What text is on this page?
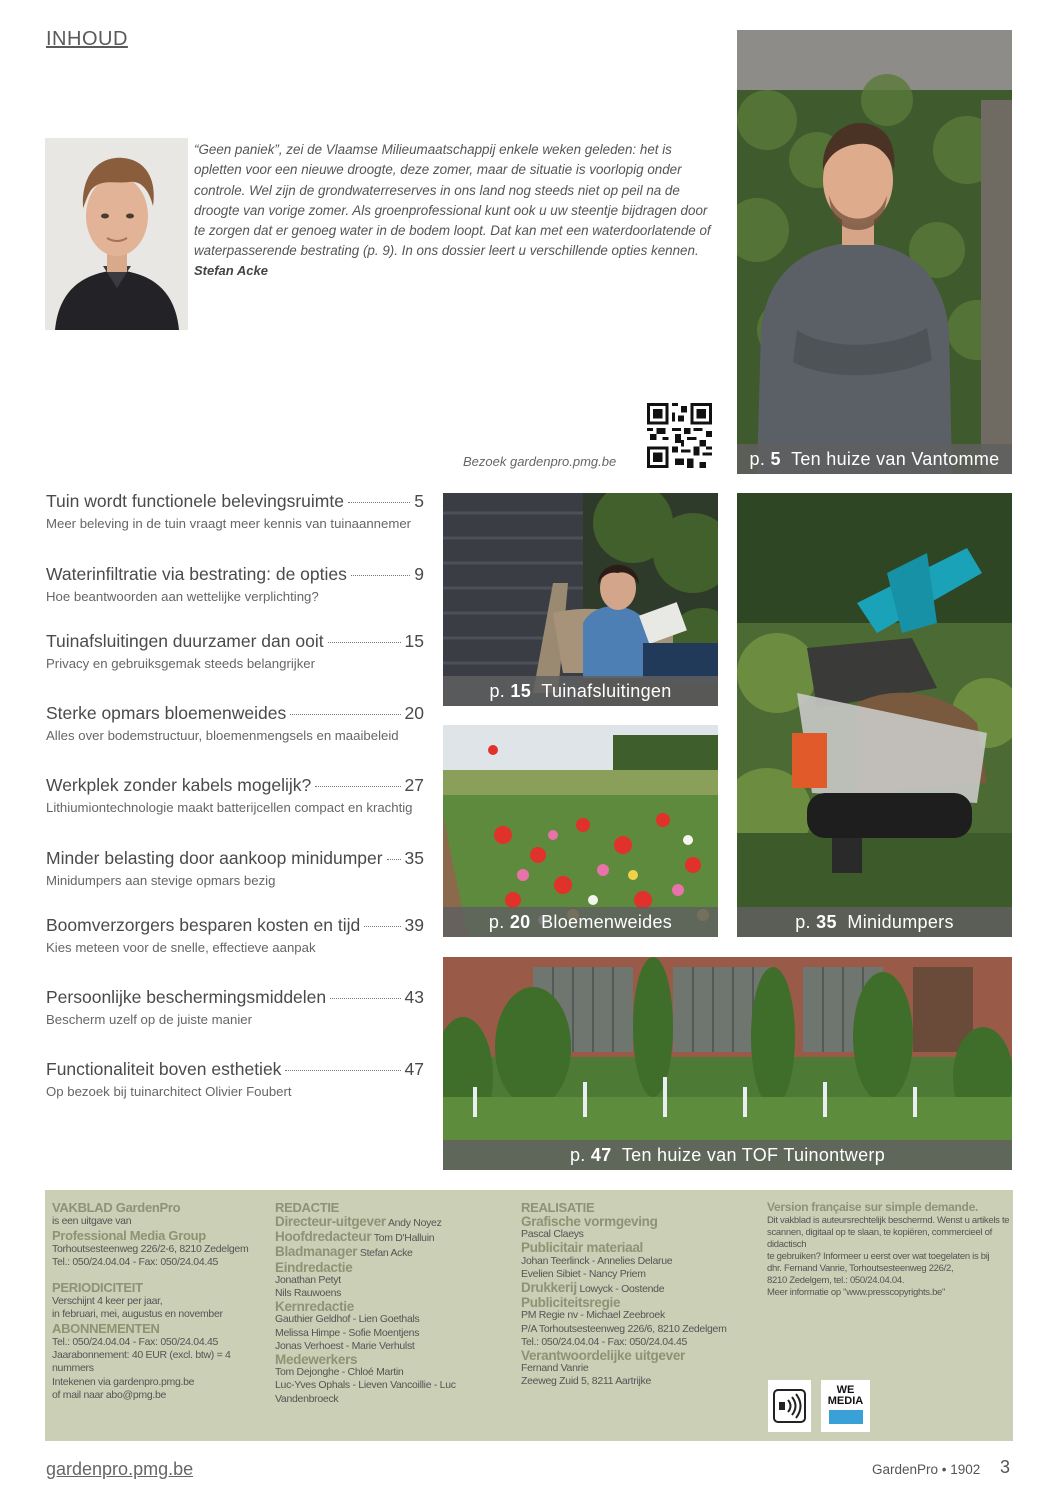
INHOUD
“Geen paniek”, zei de Vlaamse Milieumaatschappij enkele weken geleden: het is opletten voor een nieuwe droogte, deze zomer, maar de situatie is voorlopig onder controle. Wel zijn de grondwaterreserves in ons land nog steeds niet op peil na de droogte van vorige zomer. Als groenprofessional kunt ook u uw steentje bijdragen door te zorgen dat er genoeg water in de bodem loopt. Dat kan met een waterdoorlatende of waterpasserende bestrating (p. 9). In ons dossier leert u verschillende opties kennen.
Stefan Acke
Bezoek gardenpro.pmg.be	p. 5 Ten huize van Vantomme
p. 15 Tuinafsluitingen
p. 35 Minidumpers
p. 20 Bloemenweides
p. 47 Ten huize van TOF Tuinontwerp
Tuin wordt functionele belevingsruimte	5
Meer beleving in de tuin vraagt meer kennis van tuinaannemer
Waterinfiltratie via bestrating: de opties	9
Hoe beantwoorden aan wettelijke verplichting?
Tuinafsluitingen duurzamer dan ooit	15
Privacy en gebruiksgemak steeds belangrijker
Sterke opmars bloemenweides	20
Alles over bodemstructuur, bloemenmengsels en maaibeleid
Werkplek zonder kabels mogelijk?	27
Lithiumiontechnologie maakt batterijcellen compact en krachtig
Minder belasting door aankoop minidumper 35
Minidumpers aan stevige opmars bezig
Boomverzorgers besparen kosten en tijd	39
Kies meteen voor de snelle, effectieve aanpak
Persoonlijke beschermingsmiddelen	43
Bescherm uzelf op de juiste manier
Functionaliteit boven esthetiek	47
Op bezoek bij tuinarchitect Olivier Foubert
VAKBLAD GardenPro
is een uitgave van
Professional Media Group
Torhoutsesteenweg 226/2-6, 8210 Zedelgem
Tel.: 050/24.04.04 - Fax: 050/24.04.45
PERIODICITEIT
Verschijnt 4 keer per jaar,
in februari, mei, augustus en november
ABONNEMENTEN
Tel.: 050/24.04.04 - Fax: 050/24.04.45
Jaarabonnement: 40 EUR (excl. btw) = 4 nummers
Intekenen via gardenpro.pmg.be
of mail naar abo@pmg.be
REDACTIE
Directeur-uitgever Andy Noyez
Hoofdredacteur Tom D'Halluin
Bladmanager Stefan Acke
Eindredactie
Jonathan Petyt
Nils Rauwoens
Kernredactie
Gauthier Geldhof - Lien Goethals
Melissa Himpe - Sofie Moentjens
Jonas Verhoest - Marie Verhulst
Medewerkers
Tom Dejonghe - Chloé Martin
Luc-Yves Ophals - Lieven Vancoillie - Luc Vandenbroeck
REALISATIE
Grafische vormgeving
Pascal Claeys
Publicitair materiaal
Johan Teerlinck - Annelies Delarue
Evelien Sibiet - Nancy Priem
Drukkerij Lowyck - Oostende
Publiciteitsregie
PM Regie nv - Michael Zeebroek
P/A Torhoutsesteenweg 226/6, 8210 Zedelgem
Tel.: 050/24.04.04 - Fax: 050/24.04.45
Verantwoordelijke uitgever
Fernand Vanrie
Zeeweg Zuid 5, 8211 Aartrijke
Version française sur simple demande.
Dit vakblad is auteursrechtelijk beschermd. Wenst u artikels te
scannen, digitaal op te slaan, te kopiëren, commercieel of didactisch
te gebruiken? Informeer u eerst over wat toegelaten is bij
dhr. Fernand Vanrie, Torhoutsesteenweg 226/2,
8210 Zedelgem, tel.: 050/24.04.04.
Meer informatie op "www.presscopyrights.be"
WE
MEDIA
gardenpro.pmg.be	GardenPro • 1902 3
